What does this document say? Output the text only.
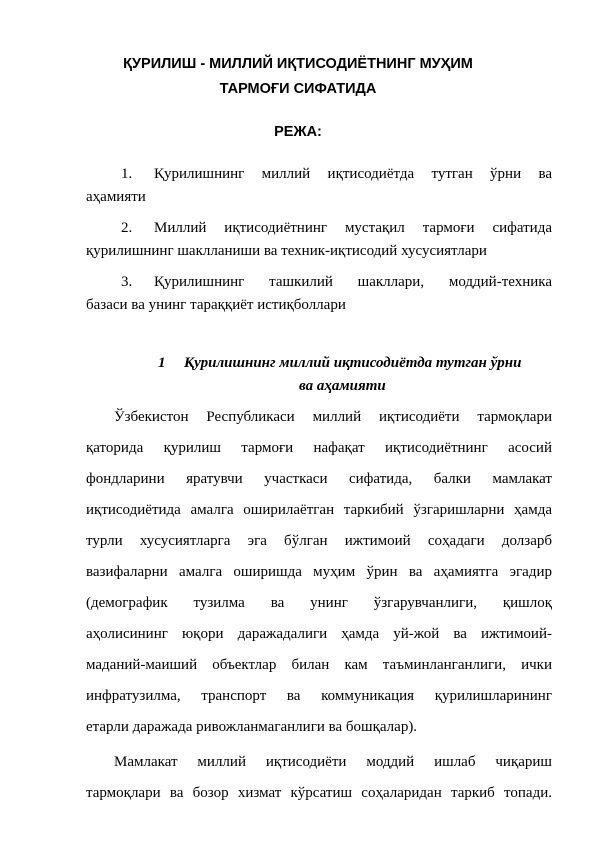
ҚУРИЛИШ - МИЛЛИЙ ИҚТИСОДИЁТНИНГ МУҲИМ
ТАРМОҒИ СИФАТИДА
РЕЖА:
1. Қурилишнинг миллий иқтисодиётда тутган ўрни ва
аҳамияти
2. Миллий иқтисодиётнинг мустақил тармоғи сифатида
қурилишнинг шаклланиши ва техник-иқтисодий хусусиятлари
3. Қурилишнинг ташкилий шакллари, моддий-техника
базаси ва унинг тараққиёт истиқболлари
1 Қурилишнинг миллий иқтисодиётда тутган ўрни
ва аҳамияти
Ўзбекистон Республикаси миллий иқтисодиёти тармоқлари
қаторида қурилиш тармоғи нафақат иқтисодиётнинг асосий
фондларини яратувчи участкаси сифатида, балки мамлакат
иқтисодиётида амалга оширилаётган таркибий ўзгаришларни ҳамда
турли хусусиятларга эга бўлган ижтимоий соҳадаги долзарб
вазифаларни амалга оширишда муҳим ўрин ва аҳамиятга эгадир
(демографик тузилма ва унинг ўзгарувчанлиги, қишлоқ
аҳолисининг юқори даражадалиги ҳамда уй-жой ва ижтимоий-
маданий-маиший объектлар билан кам таъминланганлиги, ички
инфратузилма, транспорт ва коммуникация қурилишларининг
етарли даражада ривожланмаганлиги ва бошқалар).
Мамлакат миллий иқтисодиёти моддий ишлаб чиқариш
тармоқлари ва бозор хизмат кўрсатиш соҳаларидан таркиб топади.
